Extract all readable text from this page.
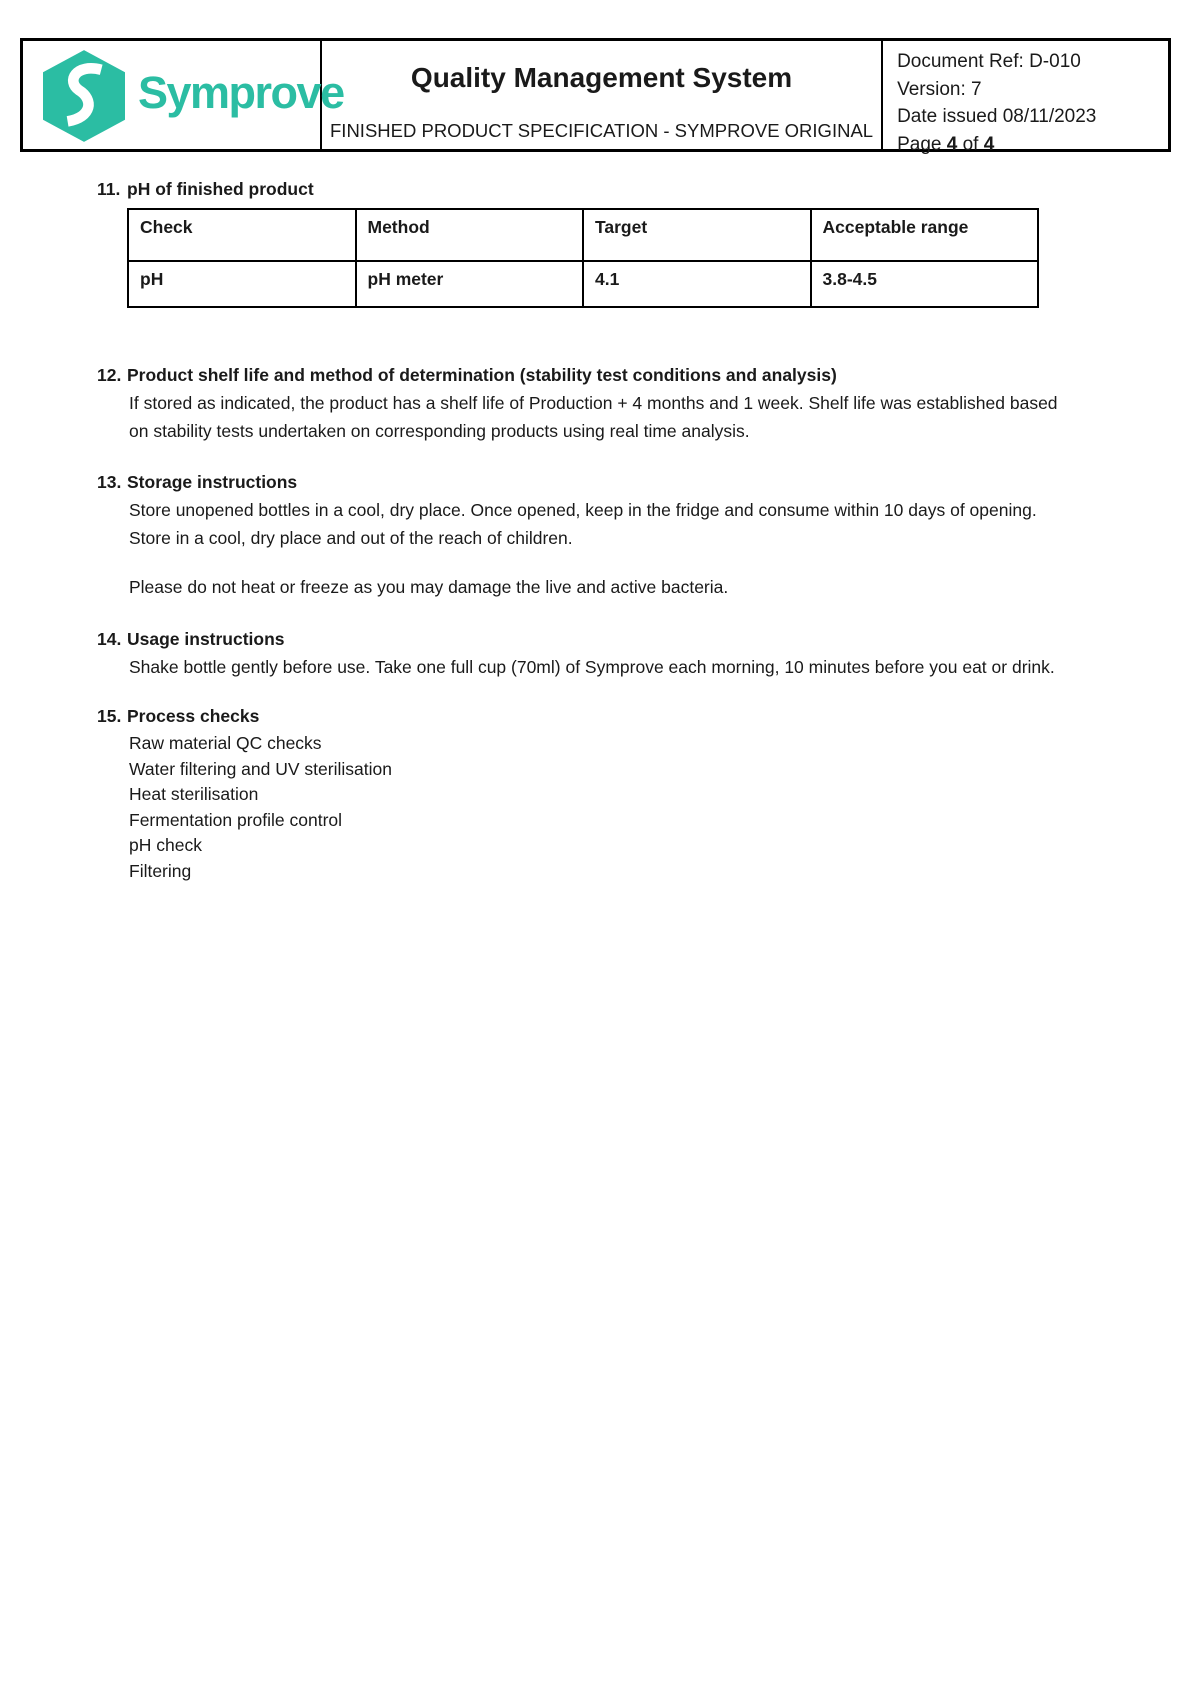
Symprove Quality Management System
FINISHED PRODUCT SPECIFICATION - SYMPROVE ORIGINAL
Document Ref: D-010
Version: 7
Date issued 08/11/2023
Page 4 of 4
11. pH of finished product
Check	Method	Target	Acceptable range
pH	pH meter	4.1	3.8-4.5
12. Product shelf life and method of determination (stability test conditions and analysis)
If stored as indicated, the product has a shelf life of Production + 4 months and 1 week. Shelf life was established based on stability tests undertaken on corresponding products using real time analysis.
13. Storage instructions
Store unopened bottles in a cool, dry place. Once opened, keep in the fridge and consume within 10 days of opening. Store in a cool, dry place and out of the reach of children.
Please do not heat or freeze as you may damage the live and active bacteria.
14. Usage instructions
Shake bottle gently before use. Take one full cup (70ml) of Symprove each morning, 10 minutes before you eat or drink.
15. Process checks
Raw material QC checks
Water filtering and UV sterilisation
Heat sterilisation
Fermentation profile control
pH check
Filtering
